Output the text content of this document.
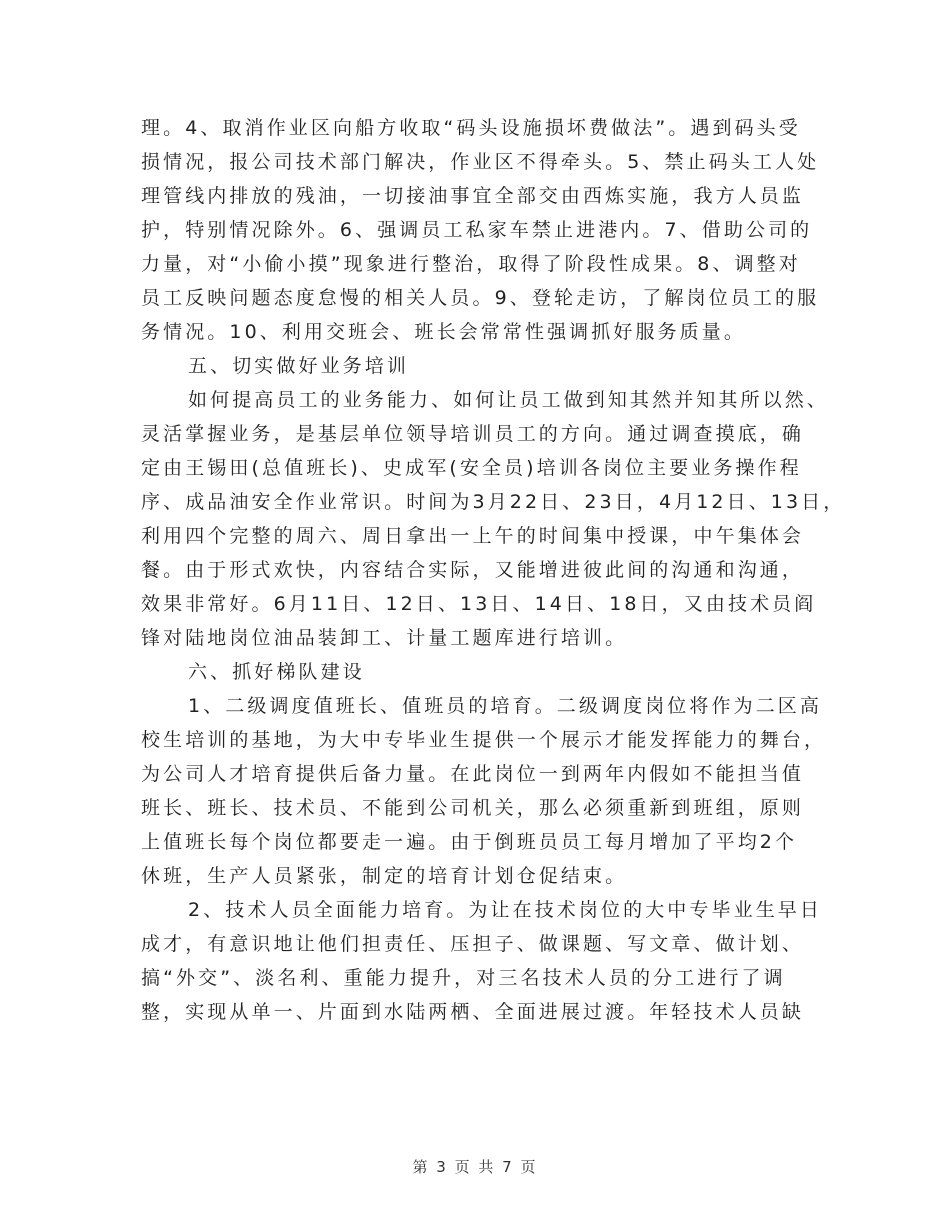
理。4、取消作业区向船方收取“码头设施损坏费做法”。遇到码头受
损情况，报公司技术部门解决，作业区不得牵头。5、禁止码头工人处
理管线内排放的残油，一切接油事宜全部交由西炼实施，我方人员监
护，特别情况除外。6、强调员工私家车禁止进港内。7、借助公司的
力量，对“小偷小摸”现象进行整治，取得了阶段性成果。8、调整对
员工反映问题态度怠慢的相关人员。9、登轮走访，了解岗位员工的服
务情况。10、利用交班会、班长会常常性强调抓好服务质量。
五、切实做好业务培训
如何提高员工的业务能力、如何让员工做到知其然并知其所以然、
灵活掌握业务，是基层单位领导培训员工的方向。通过调查摸底，确
定由王锡田(总值班长)、史成军(安全员)培训各岗位主要业务操作程
序、成品油安全作业常识。时间为3月22日、23日，4月12日、13日，
利用四个完整的周六、周日拿出一上午的时间集中授课，中午集体会
餐。由于形式欢快，内容结合实际，又能增进彼此间的沟通和沟通，
效果非常好。6月11日、12日、13日、14日、18日，又由技术员阎
锋对陆地岗位油品装卸工、计量工题库进行培训。
六、抓好梯队建设
1、二级调度值班长、值班员的培育。二级调度岗位将作为二区高
校生培训的基地，为大中专毕业生提供一个展示才能发挥能力的舞台，
为公司人才培育提供后备力量。在此岗位一到两年内假如不能担当值
班长、班长、技术员、不能到公司机关，那么必须重新到班组，原则
上值班长每个岗位都要走一遍。由于倒班员员工每月增加了平均2个
休班，生产人员紧张，制定的培育计划仓促结束。
2、技术人员全面能力培育。为让在技术岗位的大中专毕业生早日
成才，有意识地让他们担责任、压担子、做课题、写文章、做计划、
搞“外交”、淡名利、重能力提升，对三名技术人员的分工进行了调
整，实现从单一、片面到水陆两栖、全面进展过渡。年轻技术人员缺
第 3 页 共 7 页
